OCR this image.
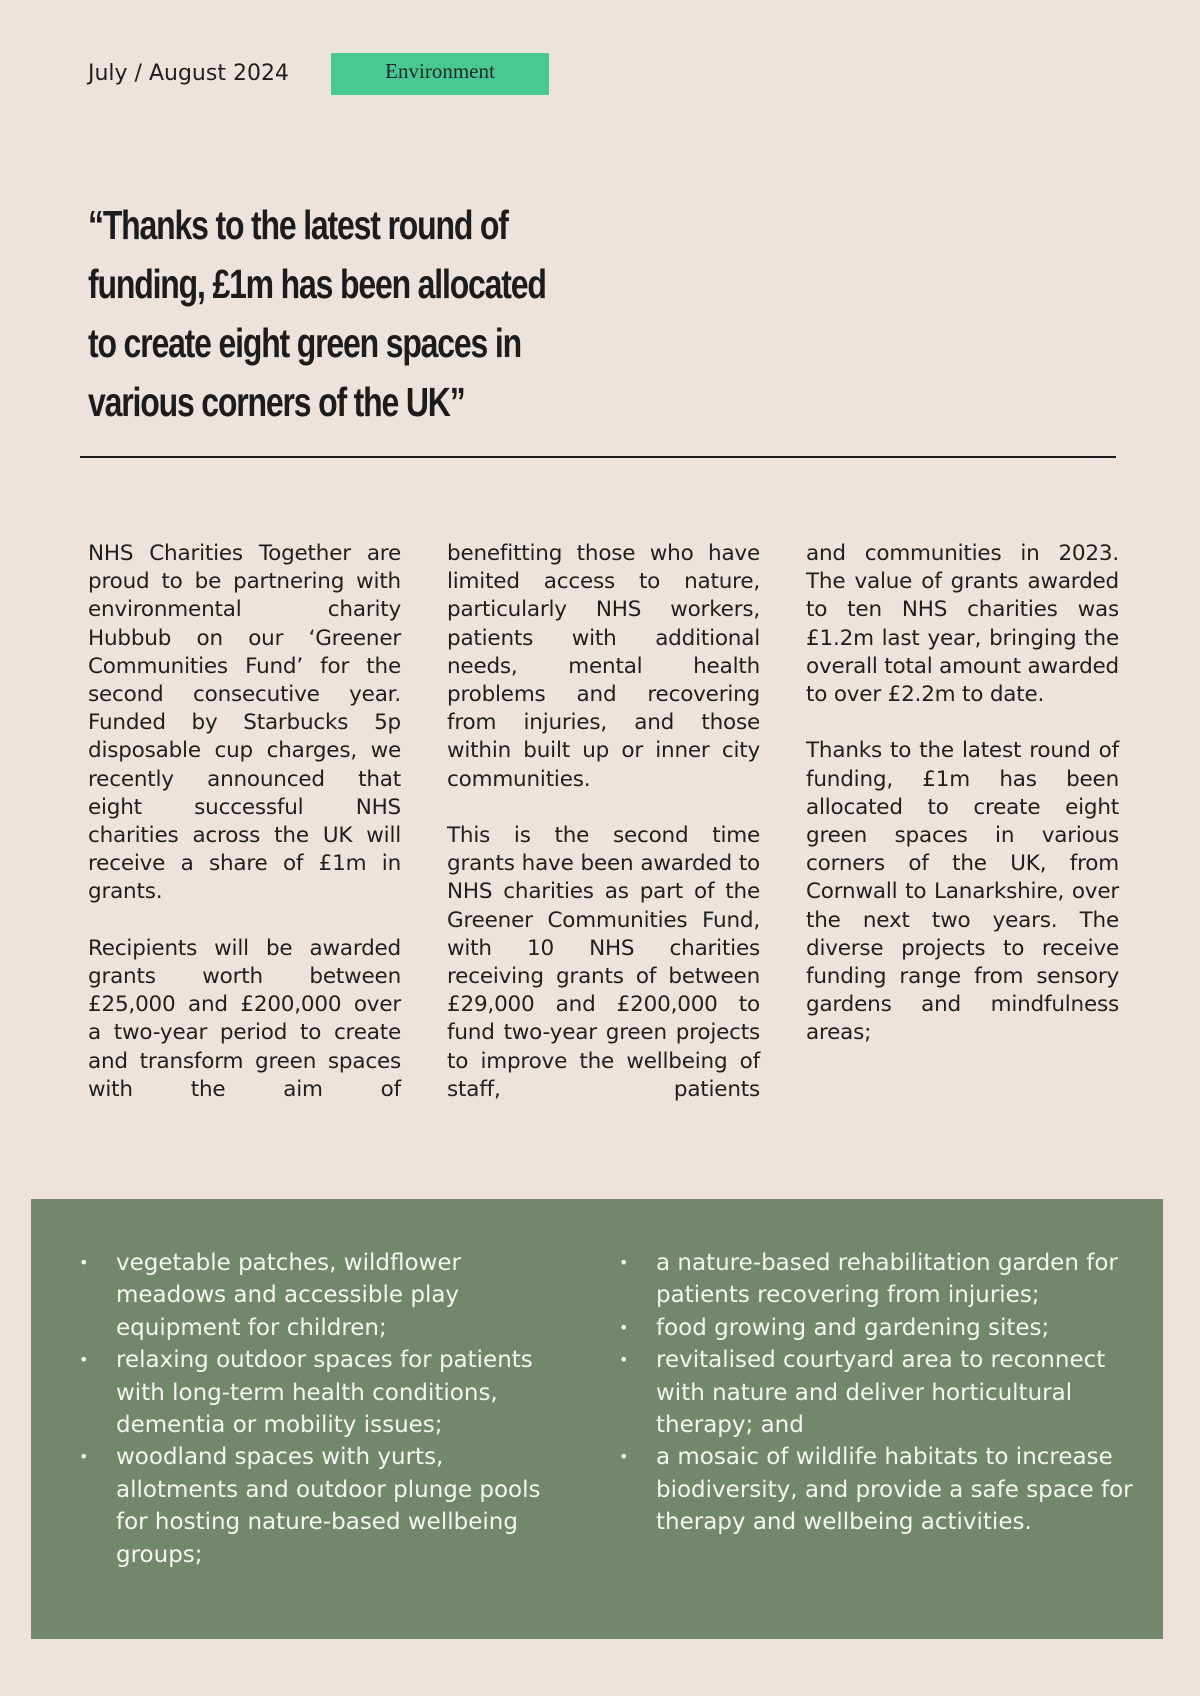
July / August 2024	Environment
“Thanks to the latest round of funding, £1m has been allocated to create eight green spaces in various corners of the UK”

NHS Charities Together are proud to be partnering with environmental charity Hubbub on our ‘Greener Communities Fund’ for the second consecutive year. Funded by Starbucks 5p disposable cup charges, we recently announced that eight successful NHS charities across the UK will receive a share of £1m in grants.

Recipients will be awarded grants worth between £25,000 and £200,000 over a two-year period to create and transform green spaces with the aim of

benefitting those who have limited access to nature, particularly NHS workers, patients with additional needs, mental health problems and recovering from injuries, and those within built up or inner city communities.

This is the second time grants have been awarded to NHS charities as part of the Greener Communities Fund, with 10 NHS charities receiving grants of between £29,000 and £200,000 to fund two-year green projects to improve the wellbeing of staff, patients

and communities in 2023. The value of grants awarded to ten NHS charities was £1.2m last year, bringing the overall total amount awarded to over £2.2m to date.

Thanks to the latest round of funding, £1m has been allocated to create eight green spaces in various corners of the UK, from Cornwall to Lanarkshire, over the next two years. The diverse projects to receive funding range from sensory gardens and mindfulness areas;

• vegetable patches, wildflower meadows and accessible play equipment for children;
• relaxing outdoor spaces for patients with long-term health conditions, dementia or mobility issues;
• woodland spaces with yurts, allotments and outdoor plunge pools for hosting nature-based wellbeing groups;
• a nature-based rehabilitation garden for patients recovering from injuries;
• food growing and gardening sites;
• revitalised courtyard area to reconnect with nature and deliver horticultural therapy; and
• a mosaic of wildlife habitats to increase biodiversity, and provide a safe space for therapy and wellbeing activities.
